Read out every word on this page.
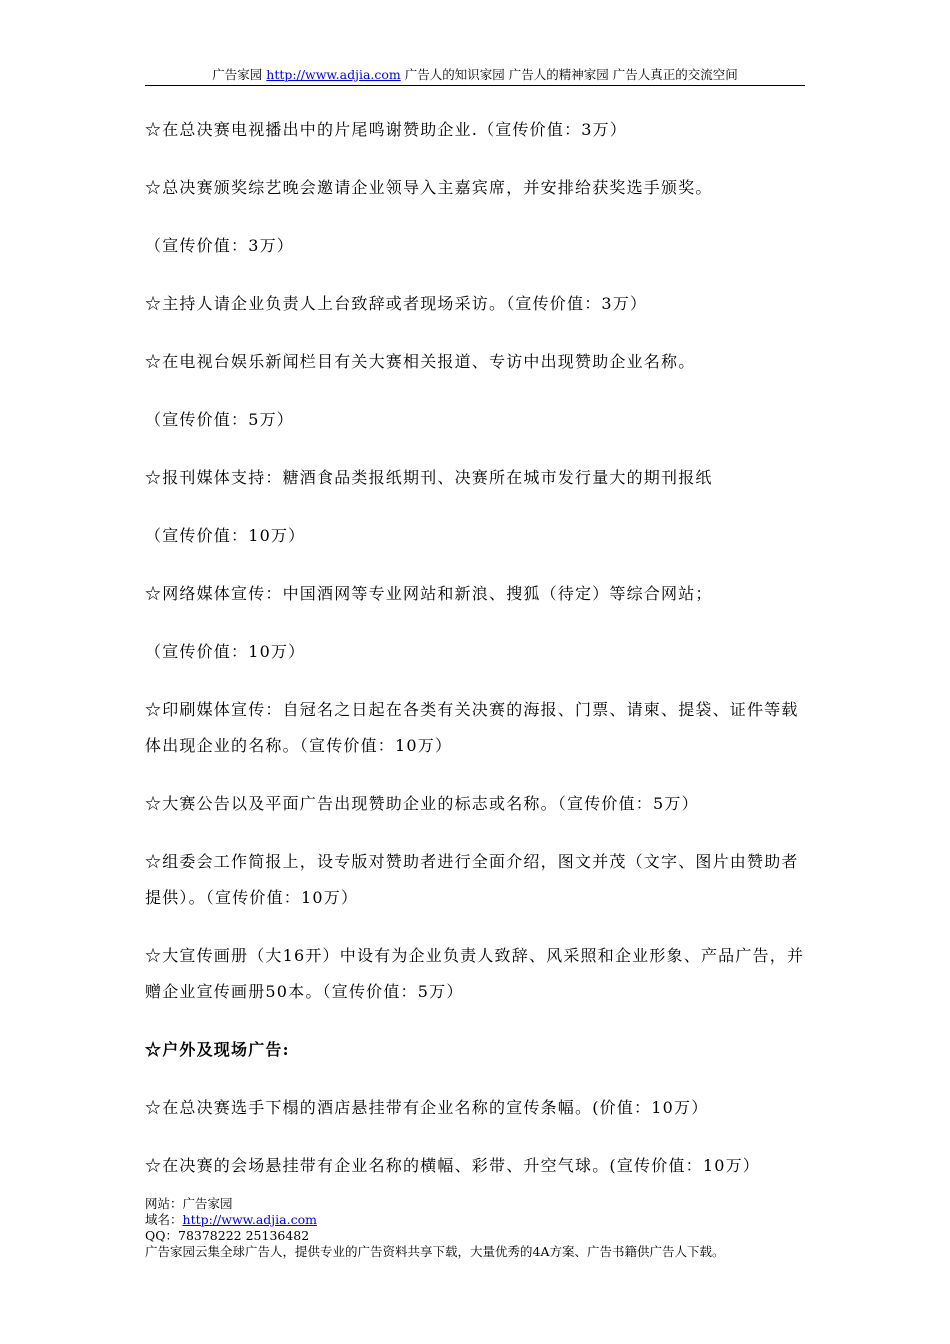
广告家园 http://www.adjia.com 广告人的知识家园 广告人的精神家园 广告人真正的交流空间

☆在总决赛电视播出中的片尾鸣谢赞助企业.（宣传价值：3万）

☆总决赛颁奖综艺晚会邀请企业领导入主嘉宾席，并安排给获奖选手颁奖。

（宣传价值：3万）

☆主持人请企业负责人上台致辞或者现场采访。（宣传价值：3万）

☆在电视台娱乐新闻栏目有关大赛相关报道、专访中出现赞助企业名称。

（宣传价值：5万）

☆报刊媒体支持：糖酒食品类报纸期刊、决赛所在城市发行量大的期刊报纸

（宣传价值：10万）

☆网络媒体宣传：中国酒网等专业网站和新浪、搜狐（待定）等综合网站；

（宣传价值：10万）

☆印刷媒体宣传：自冠名之日起在各类有关决赛的海报、门票、请柬、提袋、证件等载体出现企业的名称。（宣传价值：10万）

☆大赛公告以及平面广告出现赞助企业的标志或名称。（宣传价值：5万）

☆组委会工作简报上，设专版对赞助者进行全面介绍，图文并茂（文字、图片由赞助者提供）。（宣传价值：10万）

☆大宣传画册（大16开）中设有为企业负责人致辞、风采照和企业形象、产品广告，并赠企业宣传画册50本。（宣传价值：5万）

☆户外及现场广告:

☆在总决赛选手下榻的酒店悬挂带有企业名称的宣传条幅。(价值：10万）

☆在决赛的会场悬挂带有企业名称的横幅、彩带、升空气球。(宣传价值：10万）

网站：广告家园
域名：http://www.adjia.com
QQ：78378222 25136482
广告家园云集全球广告人，提供专业的广告资料共享下载，大量优秀的4A方案、广告书籍供广告人下载。
